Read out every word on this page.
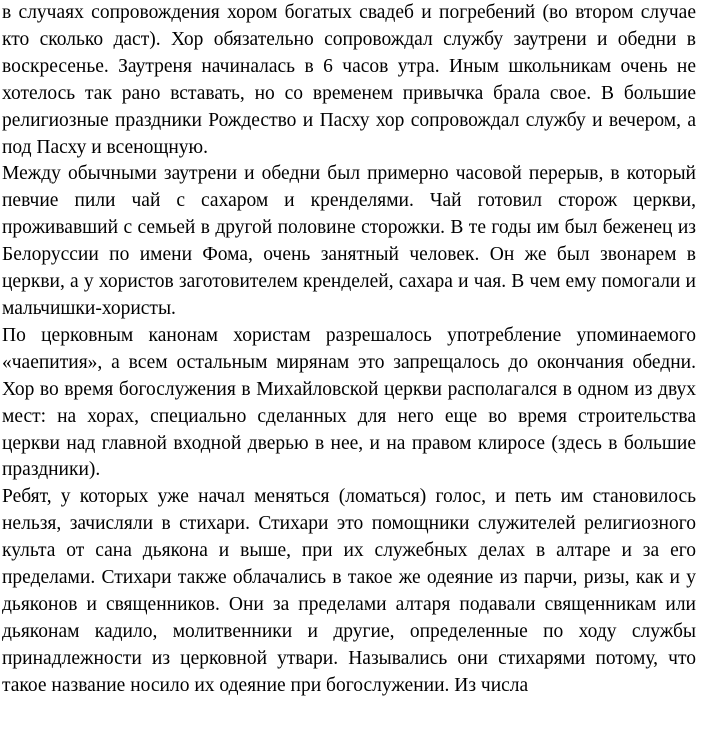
в случаях сопровождения хором богатых свадеб и погребений (во втором случае кто сколько даст). Хор обязательно сопровождал службу заутрени и обедни в воскресенье. Заутреня начиналась в 6 часов утра. Иным школьникам очень не хотелось так рано вставать, но со временем привычка брала свое. В большие религиозные праздники Рождество и Пасху хор сопровождал службу и вечером, а под Пасху и всенощную.

Между обычными заутрени и обедни был примерно часовой перерыв, в который певчие пили чай с сахаром и кренделями. Чай готовил сторож церкви, проживавший с семьей в другой половине сторожки. В те годы им был беженец из Белоруссии по имени Фома, очень занятный человек. Он же был звонарем в церкви, а у хористов заготовителем кренделей, сахара и чая. В чем ему помогали и мальчишки-хористы.

По церковным канонам хористам разрешалось употребление упоминаемого «чаепития», а всем остальным мирянам это запрещалось до окончания обедни. Хор во время богослужения в Михайловской церкви располагался в одном из двух мест: на хорах, специально сделанных для него еще во время строительства церкви над главной входной дверью в нее, и на правом клиросе (здесь в большие праздники).

Ребят, у которых уже начал меняться (ломаться) голос, и петь им становилось нельзя, зачисляли в стихари. Стихари это помощники служителей религиозного культа от сана дьякона и выше, при их служебных делах в алтаре и за его пределами. Стихари также облачались в такое же одеяние из парчи, ризы, как и у дьяконов и священников. Они за пределами алтаря подавали священникам или дьяконам кадило, молитвенники и другие, определенные по ходу службы принадлежности из церковной утвари. Назывались они стихарями потому, что такое название носило их одеяние при богослужении. Из числа
